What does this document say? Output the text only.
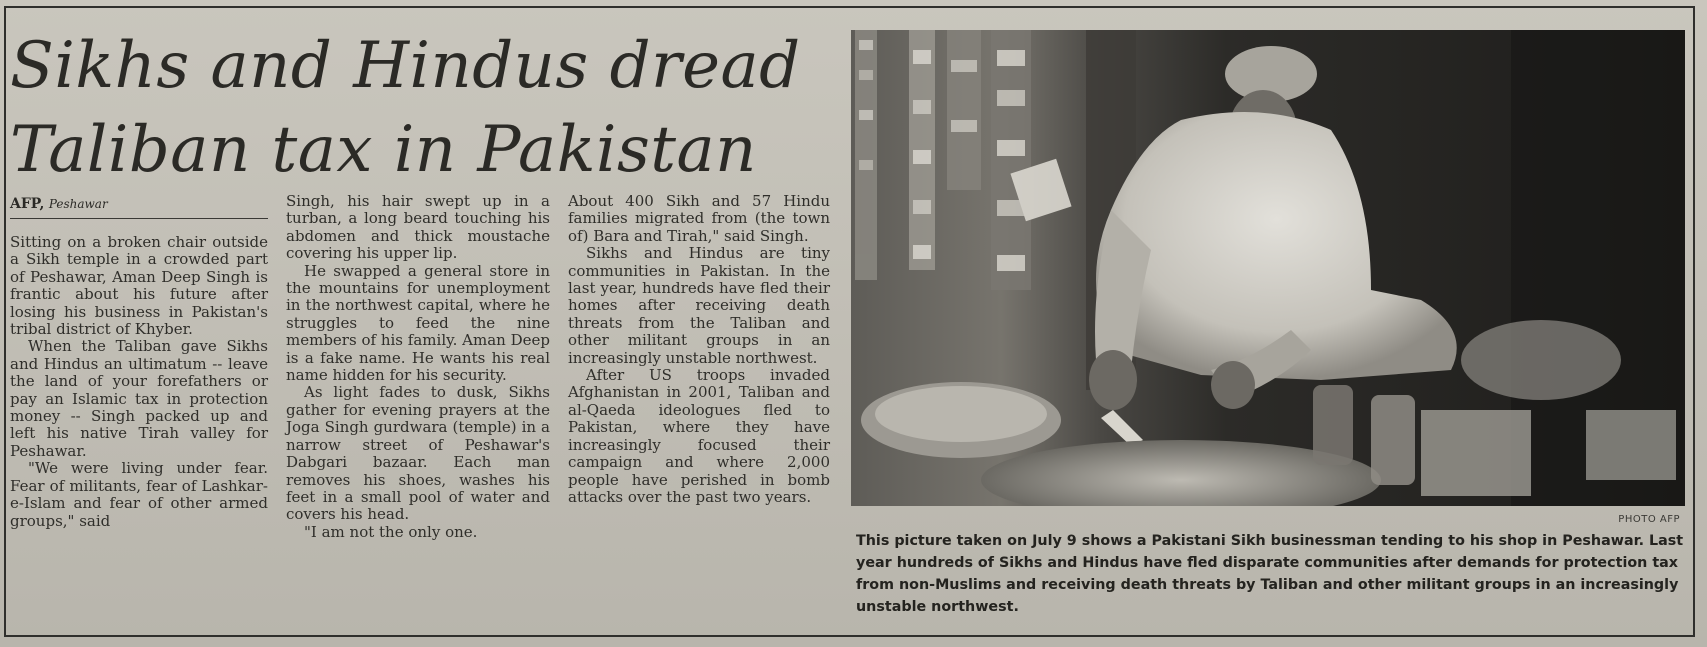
Sikhs and Hindus dread
Taliban tax in Pakistan
AFP, Peshawar

Sitting on a broken chair outside a Sikh temple in a crowded part of Peshawar, Aman Deep Singh is frantic about his future after losing his business in Pakistan's tribal district of Khyber.

When the Taliban gave Sikhs and Hindus an ultimatum -- leave the land of your forefathers or pay an Islamic tax in protection money -- Singh packed up and left his native Tirah valley for Peshawar.

"We were living under fear. Fear of militants, fear of Lashkar-e-Islam and fear of other armed groups," said

Singh, his hair swept up in a turban, a long beard touching his abdomen and thick moustache covering his upper lip.

He swapped a general store in the mountains for unemployment in the northwest capital, where he struggles to feed the nine members of his family. Aman Deep is a fake name. He wants his real name hidden for his security.

As light fades to dusk, Sikhs gather for evening prayers at the Joga Singh gurdwara (temple) in a narrow street of Peshawar's Dabgari bazaar. Each man removes his shoes, washes his feet in a small pool of water and covers his head.

"I am not the only one.

About 400 Sikh and 57 Hindu families migrated from (the town of) Bara and Tirah," said Singh.

Sikhs and Hindus are tiny communities in Pakistan. In the last year, hundreds have fled their homes after receiving death threats from the Taliban and other militant groups in an increasingly unstable northwest.

After US troops invaded Afghanistan in 2001, Taliban and al-Qaeda ideologues fled to Pakistan, where they have increasingly focused their campaign and where 2,000 people have perished in bomb attacks over the past two years.

PHOTO AFP

This picture taken on July 9 shows a Pakistani Sikh businessman tending to his shop in Peshawar. Last year hundreds of Sikhs and Hindus have fled disparate communities after demands for protection tax from non-Muslims and receiving death threats by Taliban and other militant groups in an increasingly unstable northwest.
